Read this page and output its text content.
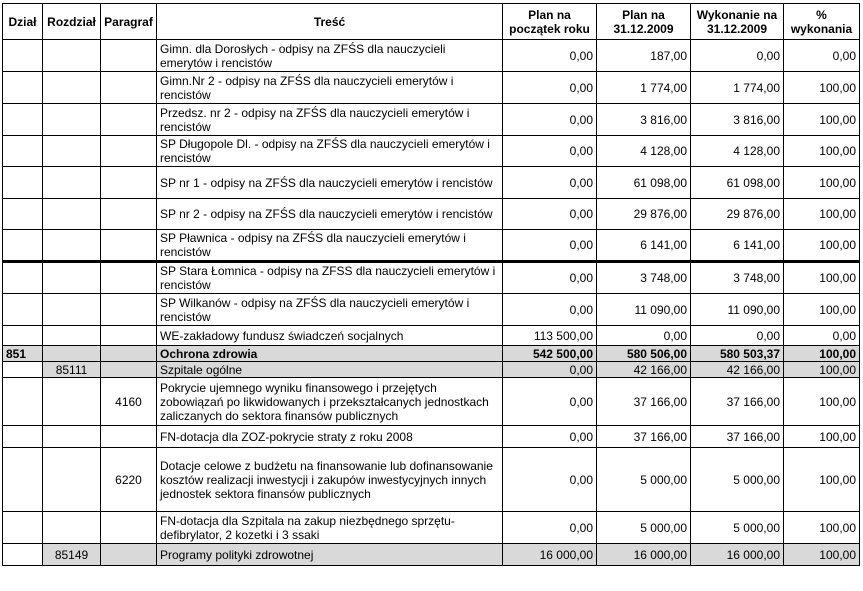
Dział	Rozdział	Paragraf	Treść	Plan na początek roku	Plan na 31.12.2009	Wykonanie na 31.12.2009	% wykonania
			Gimn. dla Dorosłych - odpisy na ZFŚS dla nauczycieli emerytów i rencistów	0,00	187,00	0,00	0,00
			Gimn.Nr 2 - odpisy na ZFŚS dla nauczycieli emerytów i rencistów	0,00	1 774,00	1 774,00	100,00
			Przedsz. nr 2 - odpisy na ZFŚS dla nauczycieli emerytów i rencistów	0,00	3 816,00	3 816,00	100,00
			SP Długopole Dl. - odpisy na ZFŚS dla nauczycieli emerytów i rencistów	0,00	4 128,00	4 128,00	100,00
			SP nr 1 - odpisy na ZFŚS dla nauczycieli emerytów i rencistów	0,00	61 098,00	61 098,00	100,00
			SP nr 2 - odpisy na ZFŚS dla nauczycieli emerytów i rencistów	0,00	29 876,00	29 876,00	100,00
			SP Pławnica - odpisy na ZFŚS dla nauczycieli emerytów i rencistów	0,00	6 141,00	6 141,00	100,00
			SP Stara Łomnica - odpisy na ZFSS dla nauczycieli emerytów i rencistów	0,00	3 748,00	3 748,00	100,00
			SP Wilkanów - odpisy na ZFŚS dla nauczycieli emerytów i rencistów	0,00	11 090,00	11 090,00	100,00
			WE-zakładowy fundusz świadczeń socjalnych	113 500,00	0,00	0,00	0,00
851			Ochrona zdrowia	542 500,00	580 506,00	580 503,37	100,00
	85111		Szpitale ogólne	0,00	42 166,00	42 166,00	100,00
		4160	Pokrycie ujemnego wyniku finansowego i przejętych zobowiązań po likwidowanych i przekształcanych jednostkach zaliczanych do sektora finansów publicznych	0,00	37 166,00	37 166,00	100,00
			FN-dotacja dla ZOZ-pokrycie straty z roku 2008	0,00	37 166,00	37 166,00	100,00
		6220	Dotacje celowe z budżetu na finansowanie lub dofinansowanie kosztów realizacji inwestycji i zakupów inwestycyjnych innych jednostek sektora finansów publicznych	0,00	5 000,00	5 000,00	100,00
			FN-dotacja dla Szpitala na zakup niezbędnego sprzętu-defibrylator, 2 kozetki i 3 ssaki	0,00	5 000,00	5 000,00	100,00
	85149		Programy polityki zdrowotnej	16 000,00	16 000,00	16 000,00	100,00
